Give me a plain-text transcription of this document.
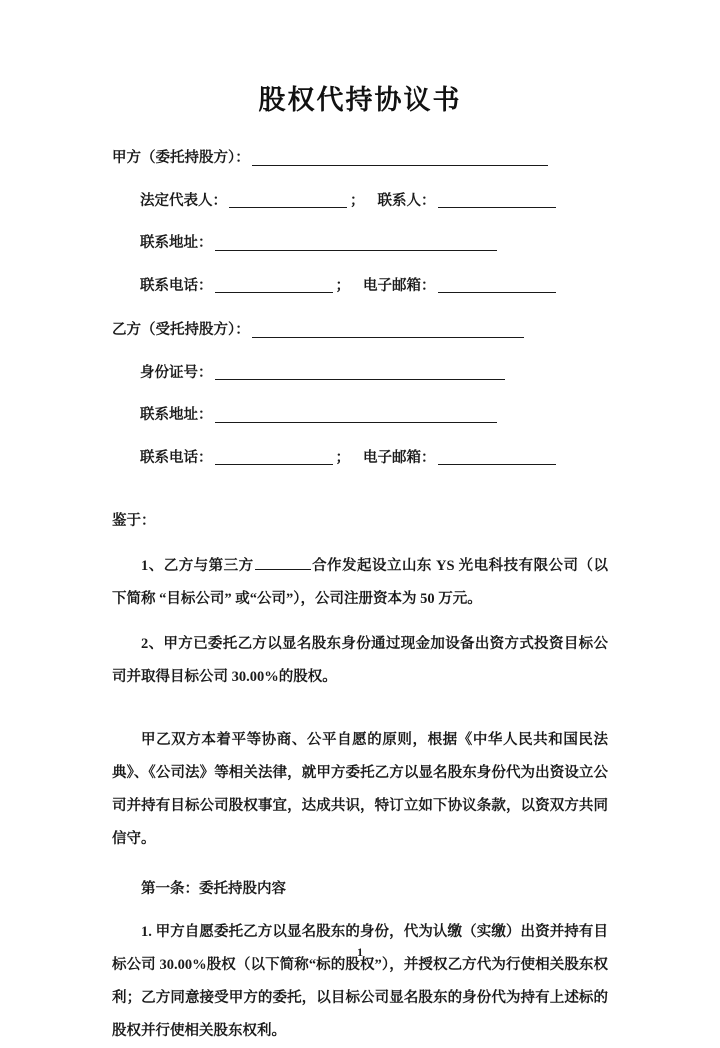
股权代持协议书
甲方（委托持股方）：
法定代表人：	； 联系人：
联系地址：
联系电话：	； 电子邮箱：
乙方（受托持股方）：
身份证号：
联系地址：
联系电话：	； 电子邮箱：

鉴于：

1、乙方与第三方	合作发起设立山东 YS 光电科技有限公司（以下简称 “目标公司” 或“公司”），公司注册资本为 50 万元。

2、甲方已委托乙方以显名股东身份通过现金加设备出资方式投资目标公司并取得目标公司 30.00%的股权。

甲乙双方本着平等协商、公平自愿的原则，根据《中华人民共和国民法典》、《公司法》等相关法律，就甲方委托乙方以显名股东身份代为出资设立公司并持有目标公司股权事宜，达成共识，特订立如下协议条款，以资双方共同信守。

第一条：委托持股内容

1. 甲方自愿委托乙方以显名股东的身份，代为认缴（实缴）出资并持有目标公司 30.00%股权（以下简称“标的股权”），并授权乙方代为行使相关股东权利；乙方同意接受甲方的委托，以目标公司显名股东的身份代为持有上述标的股权并行使相关股东权利。

1
